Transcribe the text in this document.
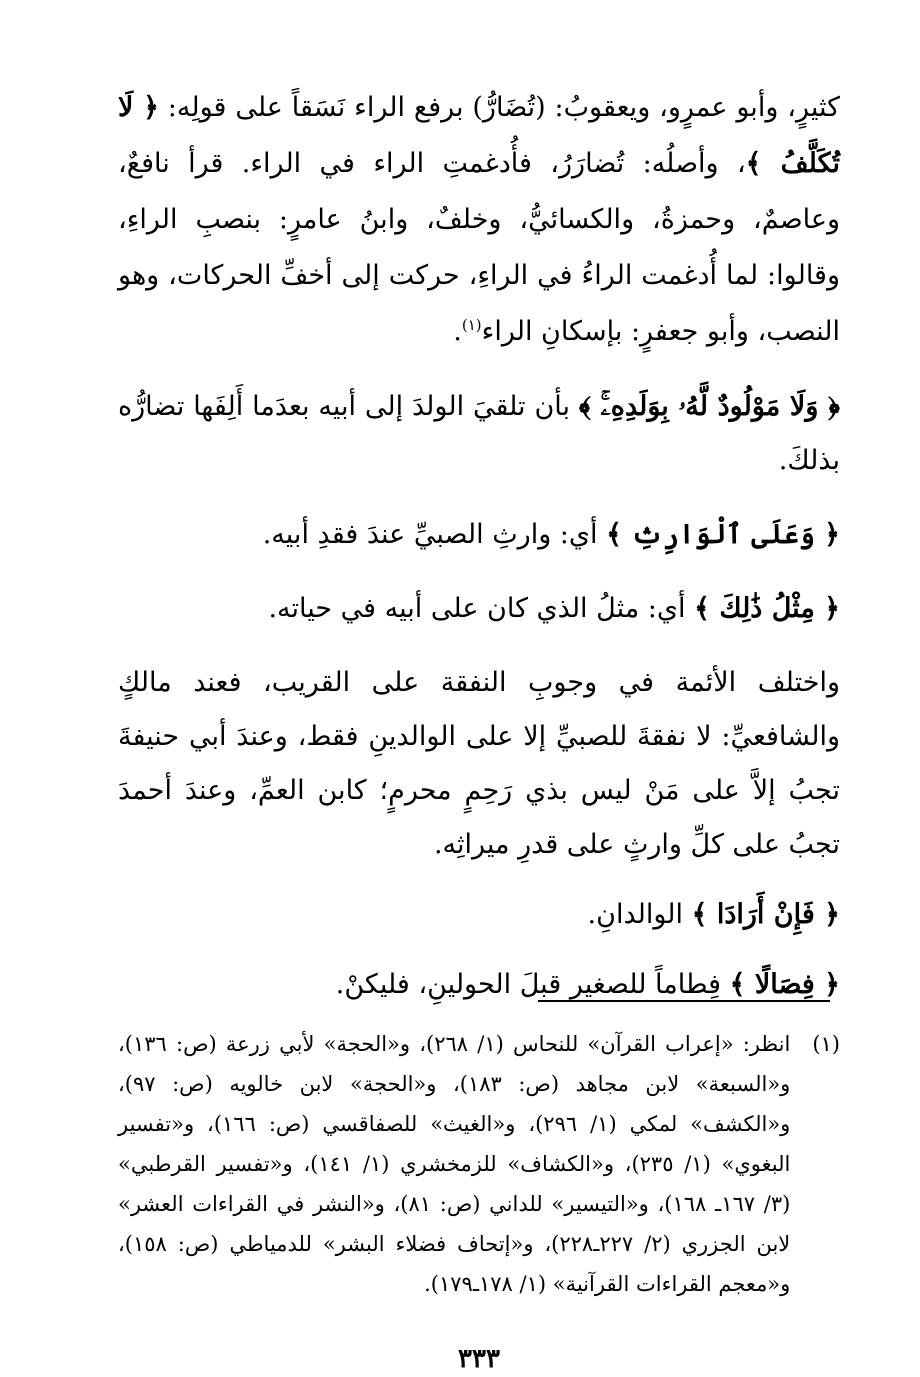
كثيرٍ، وأبو عمرٍو، ويعقوبُ: (تُضَارُّ) برفع الراء نَسَقاً على قولِه: ﴿ لَا تُكَلَّفُ ﴾، وأصلُه: تُضارَرُ، فأُدغمتِ الراء في الراء. قرأ نافعٌ، وعاصمٌ، وحمزةُ، والكسائيُّ، وخلفٌ، وابنُ عامرٍ: بنصبِ الراءِ، وقالوا: لما أُدغمت الراءُ في الراءِ، حركت إلى أخفِّ الحركات، وهو النصب، وأبو جعفرٍ: بإسكانِ الراء$^{(١)}$.

﴿ وَلَا مَوْلُودٌ لَّهُۥ بِوَلَدِهِۦۚ ﴾ بأن تلقيَ الولدَ إلى أبيه بعدَما أَلِفَها تضارُّه بذلكَ.

﴿ وَعَلَى ٱلْوَارِثِ ﴾ أي: وارثِ الصبيِّ عندَ فقدِ أبيه.

﴿ مِثْلُ ذَٰلِكَ ﴾ أي: مثلُ الذي كان على أبيه في حياته.

واختلف الأئمة في وجوبِ النفقة على القريب، فعند مالكٍ والشافعيِّ: لا نفقةَ للصبيِّ إلا على الوالدينِ فقط، وعندَ أبي حنيفةَ تجبُ إلاَّ على مَنْ ليس بذي رَحِمٍ محرمٍ؛ كابن العمِّ، وعندَ أحمدَ تجبُ على كلِّ وارثٍ على قدرِ ميراثِه.

﴿ فَإِنْ أَرَادَا ﴾ الوالدانِ.

﴿ فِصَالًا ﴾ فِطاماً للصغير قبلَ الحولينِ، فليكنْ.

(١)
انظر: «إعراب القرآن» للنحاس (١/ ٢٦٨)، و«الحجة» لأبي زرعة (ص: ١٣٦)، و«السبعة» لابن مجاهد (ص: ١٨٣)، و«الحجة» لابن خالويه (ص: ٩٧)، و«الكشف» لمكي (١/ ٢٩٦)، و«الغيث» للصفاقسي (ص: ١٦٦)، و«تفسير البغوي» (١/ ٢٣٥)، و«الكشاف» للزمخشري (١/ ١٤١)، و«تفسير القرطبي» (٣/ ١٦٧ـ ١٦٨)، و«التيسير» للداني (ص: ٨١)، و«النشر في القراءات العشر» لابن الجزري (٢/ ٢٢٧ـ٢٢٨)، و«إتحاف فضلاء البشر» للدمياطي (ص: ١٥٨)، و«معجم القراءات القرآنية» (١/ ١٧٨ـ١٧٩).
٣٣٣
